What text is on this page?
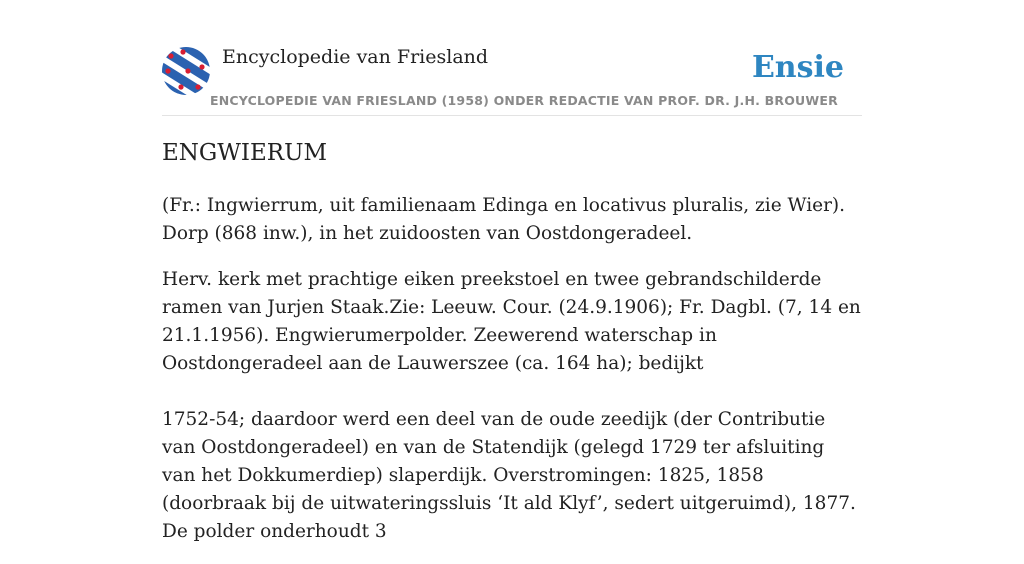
Encyclopedie van Friesland
ENCYCLOPEDIE VAN FRIESLAND (1958) ONDER REDACTIE VAN PROF. DR. J.H. BROUWER
Ensie
ENGWIERUM

(Fr.: Ingwierrum, uit familienaam Edinga en locativus pluralis, zie Wier). Dorp (868 inw.), in het zuidoosten van Oostdongeradeel.

Herv. kerk met prachtige eiken preekstoel en twee gebrandschilderde ramen van Jurjen Staak.Zie: Leeuw. Cour. (24.9.1906); Fr. Dagbl. (7, 14 en 21.1.1956). Engwierumerpolder. Zeewerend waterschap in Oostdongeradeel aan de Lauwerszee (ca. 164 ha); bedijkt

1752-54; daardoor werd een deel van de oude zeedijk (der Contributie van Oostdongeradeel) en van de Statendijk (gelegd 1729 ter afsluiting van het Dokkumerdiep) slaperdijk. Overstromingen: 1825, 1858 (doorbraak bij de uitwateringssluis ‘It ald Klyf’, sedert uitgeruimd), 1877. De polder onderhoudt 3
